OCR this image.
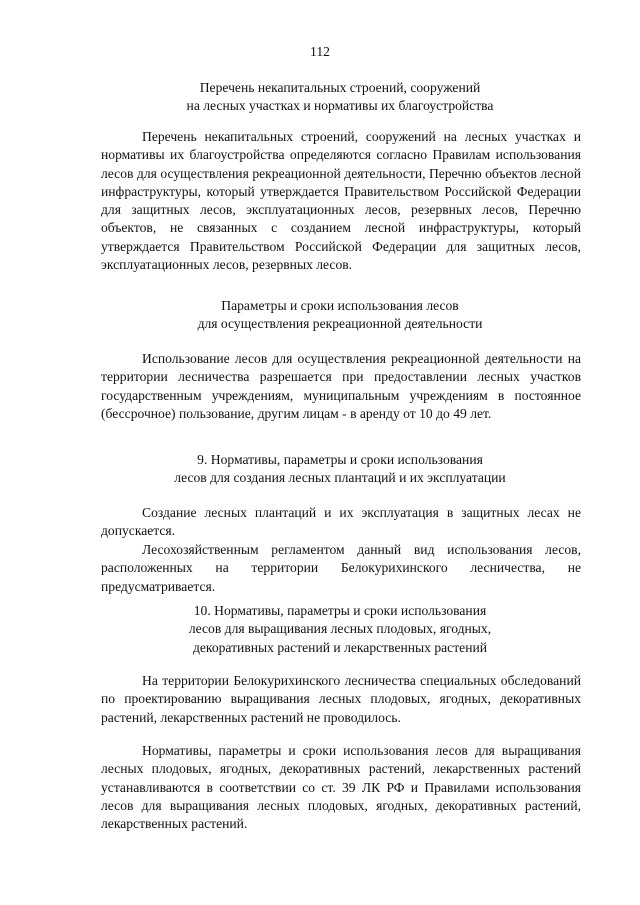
112
Перечень некапитальных строений, сооружений
на лесных участках и нормативы их благоустройства

Перечень некапитальных строений, сооружений на лесных участках и нормативы их благоустройства определяются согласно Правилам использования лесов для осуществления рекреационной деятельности, Перечню объектов лесной инфраструктуры, который утверждается Правительством Российской Федерации для защитных лесов, эксплуатационных лесов, резервных лесов, Перечню объектов, не связанных с созданием лесной инфраструктуры, который утверждается Правительством Российской Федерации для защитных лесов, эксплуатационных лесов, резервных лесов.

Параметры и сроки использования лесов
для осуществления рекреационной деятельности

Использование лесов для осуществления рекреационной деятельности на территории лесничества разрешается при предоставлении лесных участков государственным учреждениям, муниципальным учреждениям в постоянное (бессрочное) пользование, другим лицам - в аренду от 10 до 49 лет.

9. Нормативы, параметры и сроки использования
лесов для создания лесных плантаций и их эксплуатации

Создание лесных плантаций и их эксплуатация в защитных лесах не допускается.

Лесохозяйственным регламентом данный вид использования лесов, расположенных на территории Белокурихинского лесничества, не предусматривается.

10. Нормативы, параметры и сроки использования
лесов для выращивания лесных плодовых, ягодных,
декоративных растений и лекарственных растений

На территории Белокурихинского лесничества специальных обследований по проектированию выращивания лесных плодовых, ягодных, декоративных растений, лекарственных растений не проводилось.

Нормативы, параметры и сроки использования лесов для выращивания лесных плодовых, ягодных, декоративных растений, лекарственных растений устанавливаются в соответствии со ст. 39 ЛК РФ и Правилами использования лесов для выращивания лесных плодовых, ягодных, декоративных растений, лекарственных растений.
